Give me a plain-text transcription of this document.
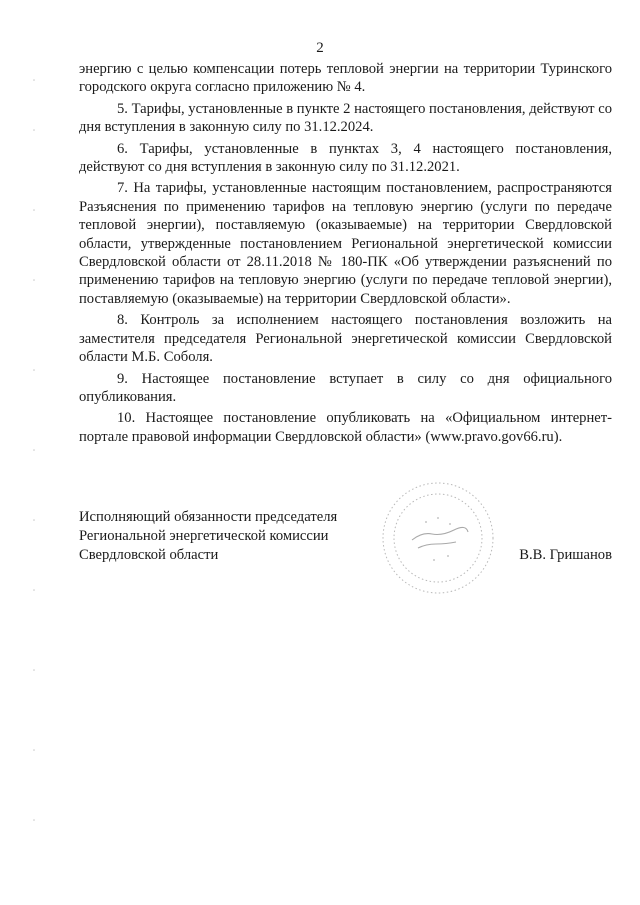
2

энергию с целью компенсации потерь тепловой энергии на территории Туринского городского округа согласно приложению № 4.

5. Тарифы, установленные в пункте 2 настоящего постановления, действуют со дня вступления в законную силу по 31.12.2024.

6. Тарифы, установленные в пунктах 3, 4 настоящего постановления, действуют со дня вступления в законную силу по 31.12.2021.

7. На тарифы, установленные настоящим постановлением, распространяются Разъяснения по применению тарифов на тепловую энергию (услуги по передаче тепловой энергии), поставляемую (оказываемые) на территории Свердловской области, утвержденные постановлением Региональной энергетической комиссии Свердловской области от 28.11.2018 № 180-ПК «Об утверждении разъяснений по применению тарифов на тепловую энергию (услуги по передаче тепловой энергии), поставляемую (оказываемые) на территории Свердловской области».

8. Контроль за исполнением настоящего постановления возложить на заместителя председателя Региональной энергетической комиссии Свердловской области М.Б. Соболя.

9. Настоящее постановление вступает в силу со дня официального опубликования.

10. Настоящее постановление опубликовать на «Официальном интернет-портале правовой информации Свердловской области» (www.pravo.gov66.ru).

Исполняющий обязанности председателя
Региональной энергетической комиссии
Свердловской области	В.В. Гришанов
